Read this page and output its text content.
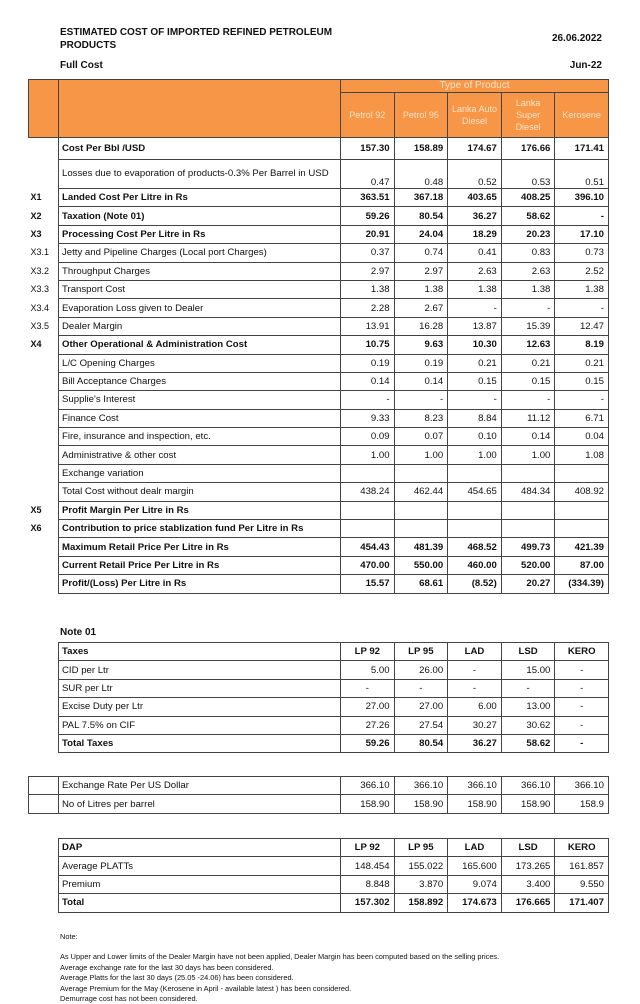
ESTIMATED COST OF IMPORTED REFINED PETROLEUM PRODUCTS
26.06.2022
Full Cost	Jun-22
		Type of Product				
		Petrol 92	Petrol 95	Lanka Auto Diesel	Lanka Super Diesel	Kerosene
	Cost Per Bbl /USD	157.30	158.89	174.67	176.66	171.41
	Losses due to evaporation of products-0.3% Per Barrel in USD	0.47	0.48	0.52	0.53	0.51
X1	Landed Cost Per Litre in Rs	363.51	367.18	403.65	408.25	396.10
X2	Taxation (Note 01)	59.26	80.54	36.27	58.62	-
X3	Processing Cost Per Litre in Rs	20.91	24.04	18.29	20.23	17.10
X3.1	Jetty and Pipeline Charges (Local port Charges)	0.37	0.74	0.41	0.83	0.73
X3.2	Throughput Charges	2.97	2.97	2.63	2.63	2.52
X3.3	Transport Cost	1.38	1.38	1.38	1.38	1.38
X3.4	Evaporation Loss given to Dealer	2.28	2.67	-	-	-
X3.5	Dealer Margin	13.91	16.28	13.87	15.39	12.47
X4	Other Operational & Administration Cost	10.75	9.63	10.30	12.63	8.19
	L/C Opening Charges	0.19	0.19	0.21	0.21	0.21
	Bill Acceptance Charges	0.14	0.14	0.15	0.15	0.15
	Supplie's Interest	-	-	-	-	-
	Finance Cost	9.33	8.23	8.84	11.12	6.71
	Fire, insurance and inspection, etc.	0.09	0.07	0.10	0.14	0.04
	Administrative & other cost	1.00	1.00	1.00	1.00	1.08
	Exchange variation					
	Total Cost without dealr margin	438.24	462.44	454.65	484.34	408.92
X5	Profit Margin Per Litre in Rs					
X6	Contribution to price stablization fund Per Litre in Rs					
	Maximum Retail Price Per Litre in Rs	454.43	481.39	468.52	499.73	421.39
	Current Retail Price Per Litre in Rs	470.00	550.00	460.00	520.00	87.00
	Profit/(Loss) Per Litre in Rs	15.57	68.61	(8.52)	20.27	(334.39)
Note 01
Taxes	LP 92	LP 95	LAD	LSD	KERO
CID per Ltr	5.00	26.00	-	15.00	-
SUR per Ltr	-	-	-	-	-
Excise Duty per Ltr	27.00	27.00	6.00	13.00	-
PAL 7.5% on CIF	27.26	27.54	30.27	30.62	-
Total Taxes	59.26	80.54	36.27	58.62	-
	Exchange Rate Per US Dollar	366.10	366.10	366.10	366.10	366.10
	No of Litres per barrel	158.90	158.90	158.90	158.90	158.9
DAP	LP 92	LP 95	LAD	LSD	KERO
Average PLATTs	148.454	155.022	165.600	173.265	161.857
Premium	8.848	3.870	9.074	3.400	9.550
Total	157.302	158.892	174.673	176.665	171.407
Note:
As Upper and Lower limits of the Dealer Margin have not been applied, Dealer Margin has been computed based on the selling prices.
Average exchange rate for the last 30 days has been considered.
Average Platts for the last 30 days (25.05 -24.06) has been considered.
Average Premium for the May (Kerosene in April - available latest ) has been considered.
Demurrage cost has not been considered.
